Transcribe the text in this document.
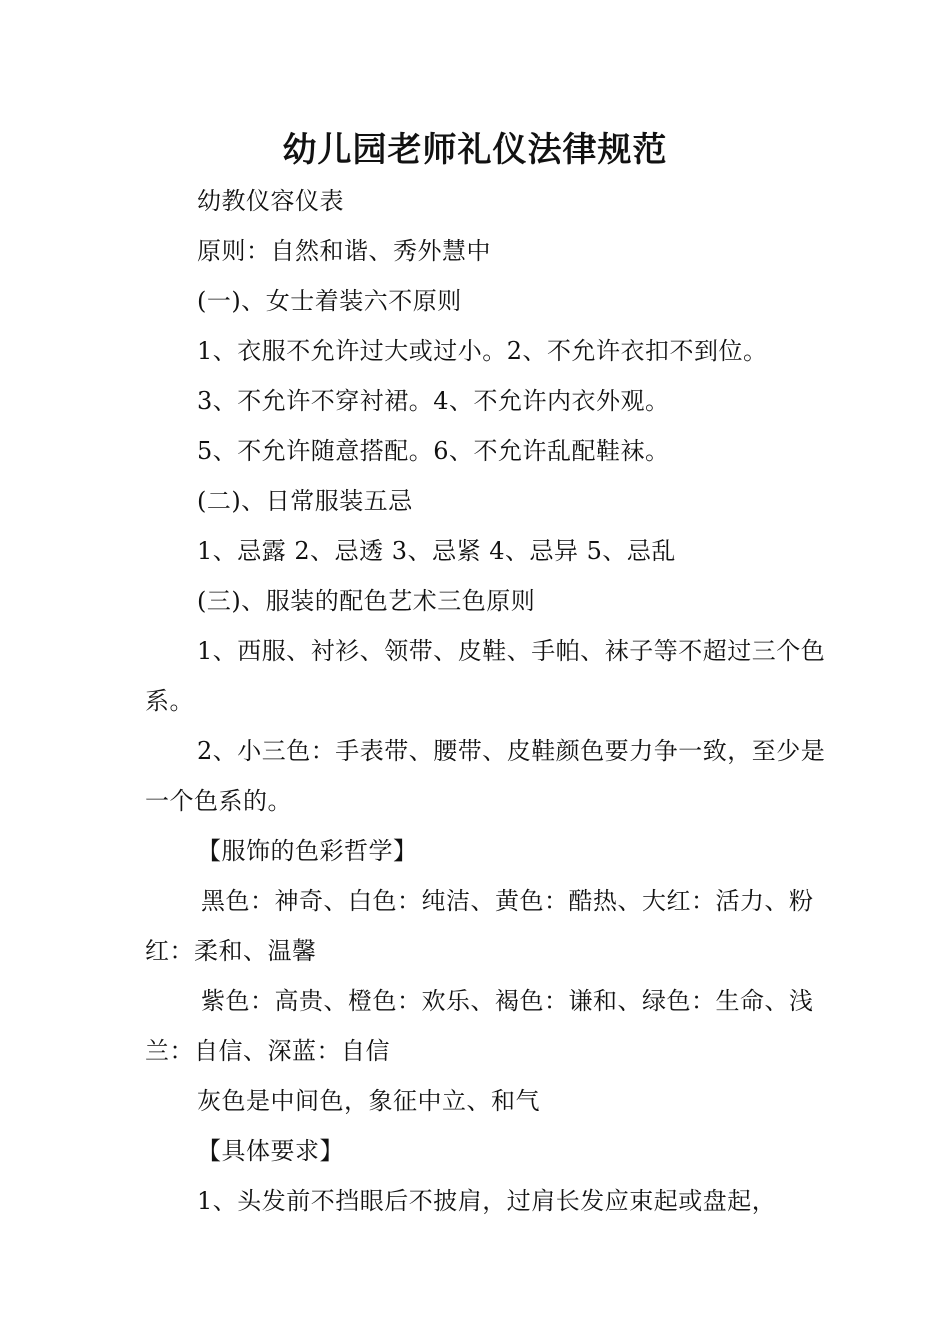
幼儿园老师礼仪法律规范

幼教仪容仪表

原则：自然和谐、秀外慧中

(一)、女士着装六不原则

1、衣服不允许过大或过小。2、不允许衣扣不到位。

3、不允许不穿衬裙。4、不允许内衣外观。

5、不允许随意搭配。6、不允许乱配鞋袜。

(二)、日常服装五忌

1、忌露 2、忌透 3、忌紧 4、忌异 5、忌乱

(三)、服装的配色艺术三色原则

1、西服、衬衫、领带、皮鞋、手帕、袜子等不超过三个色系。

2、小三色：手表带、腰带、皮鞋颜色要力争一致，至少是一个色系的。

【服饰的色彩哲学】

黑色：神奇、白色：纯洁、黄色：酷热、大红：活力、粉红：柔和、温馨

紫色：高贵、橙色：欢乐、褐色：谦和、绿色：生命、浅兰：自信、深蓝：自信

灰色是中间色，象征中立、和气

【具体要求】

1、头发前不挡眼后不披肩，过肩长发应束起或盘起，
